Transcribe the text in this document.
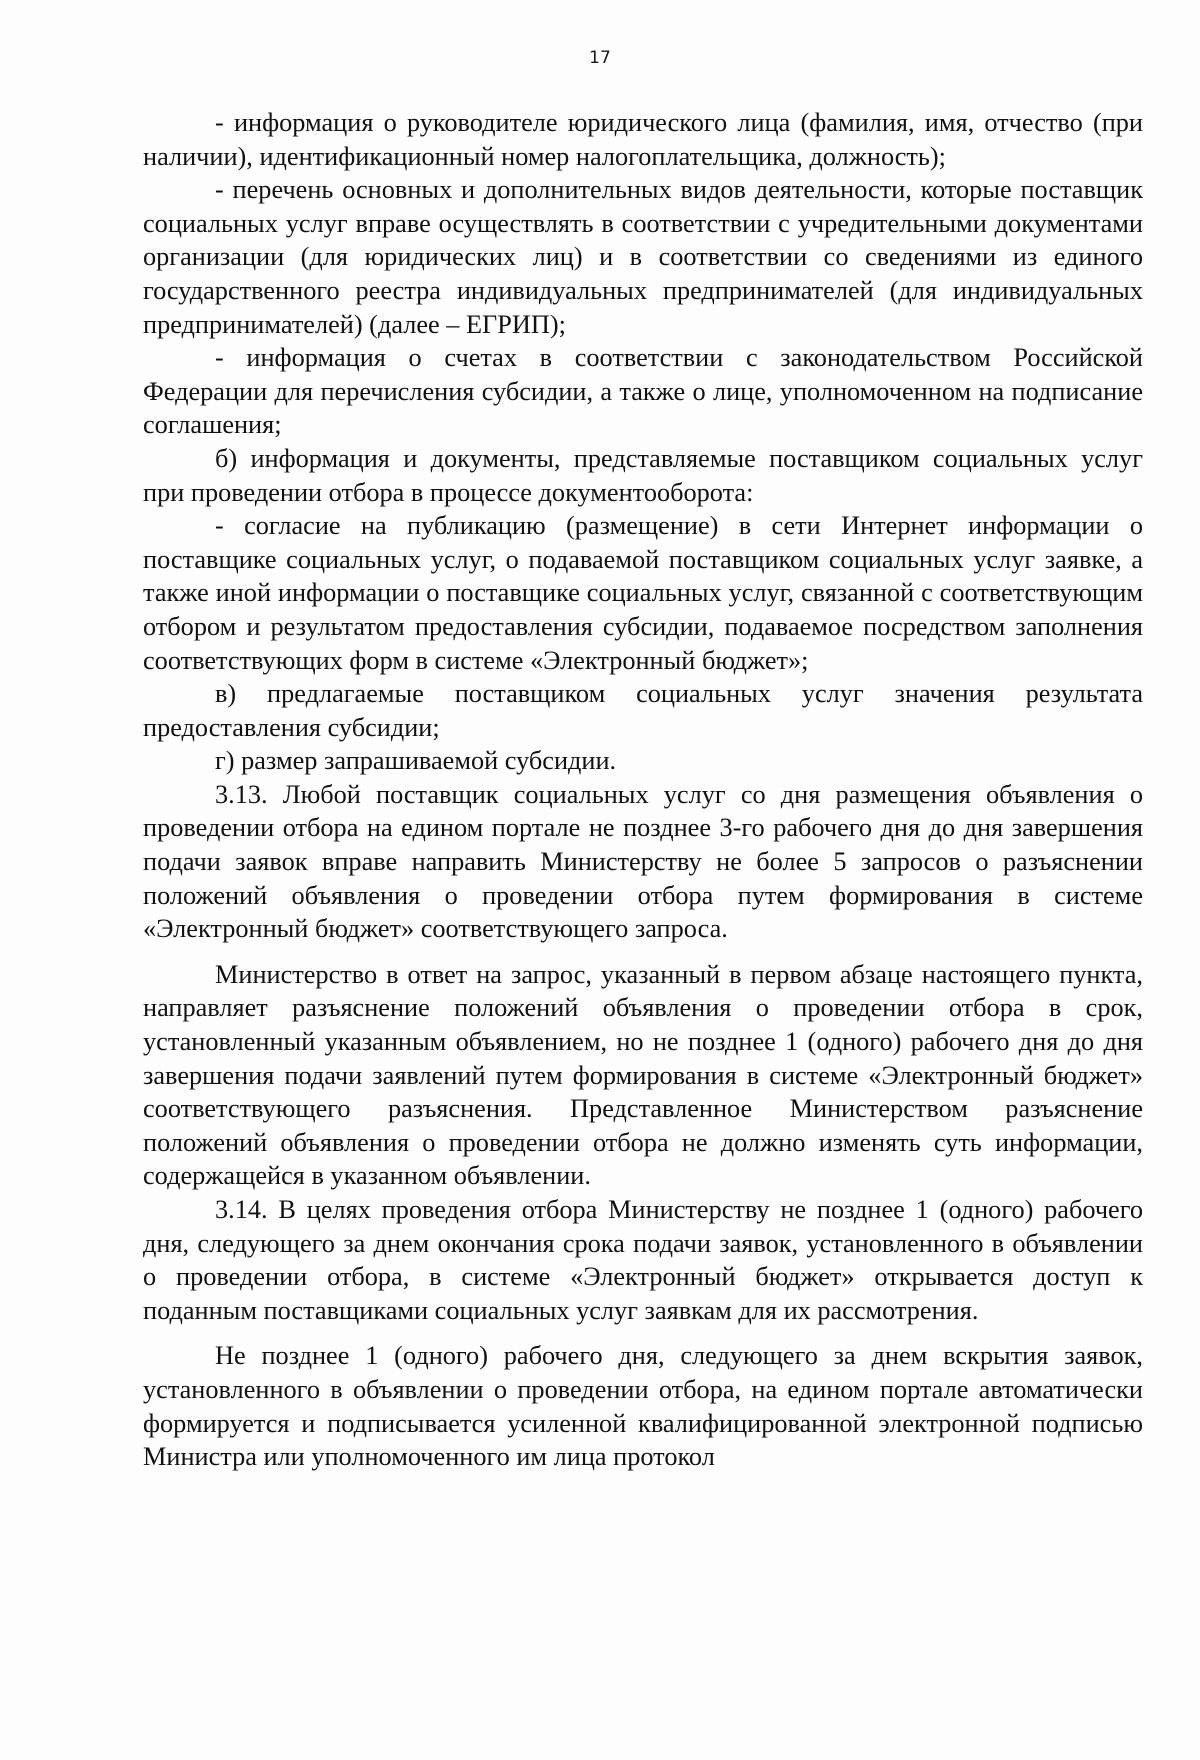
17

- информация о руководителе юридического лица (фамилия, имя, отчество (при наличии), идентификационный номер налогоплательщика, должность);

- перечень основных и дополнительных видов деятельности, которые поставщик социальных услуг вправе осуществлять в соответствии с учредительными документами организации (для юридических лиц) и в соответствии со сведениями из единого государственного реестра индивидуальных предпринимателей (для индивидуальных предпринимателей) (далее – ЕГРИП);

- информация о счетах в соответствии с законодательством Российской Федерации для перечисления субсидии, а также о лице, уполномоченном на подписание соглашения;

б) информация и документы, представляемые поставщиком социальных услуг при проведении отбора в процессе документооборота:

- согласие на публикацию (размещение) в сети Интернет информации о поставщике социальных услуг, о подаваемой поставщиком социальных услуг заявке, а также иной информации о поставщике социальных услуг, связанной с соответствующим отбором и результатом предоставления субсидии, подаваемое посредством заполнения соответствующих форм в системе «Электронный бюджет»;

в) предлагаемые поставщиком социальных услуг значения результата предоставления субсидии;

г) размер запрашиваемой субсидии.

3.13. Любой поставщик социальных услуг со дня размещения объявления о проведении отбора на едином портале не позднее 3-го рабочего дня до дня завершения подачи заявок вправе направить Министерству не более 5 запросов о разъяснении положений объявления о проведении отбора путем формирования в системе «Электронный бюджет» соответствующего запроса.

Министерство в ответ на запрос, указанный в первом абзаце настоящего пункта, направляет разъяснение положений объявления о проведении отбора в срок, установленный указанным объявлением, но не позднее 1 (одного) рабочего дня до дня завершения подачи заявлений путем формирования в системе «Электронный бюджет» соответствующего разъяснения. Представленное Министерством разъяснение положений объявления о проведении отбора не должно изменять суть информации, содержащейся в указанном объявлении.

3.14. В целях проведения отбора Министерству не позднее 1 (одного) рабочего дня, следующего за днем окончания срока подачи заявок, установленного в объявлении о проведении отбора, в системе «Электронный бюджет» открывается доступ к поданным поставщиками социальных услуг заявкам для их рассмотрения.

Не позднее 1 (одного) рабочего дня, следующего за днем вскрытия заявок, установленного в объявлении о проведении отбора, на едином портале автоматически формируется и подписывается усиленной квалифицированной электронной подписью Министра или уполномоченного им лица протокол
